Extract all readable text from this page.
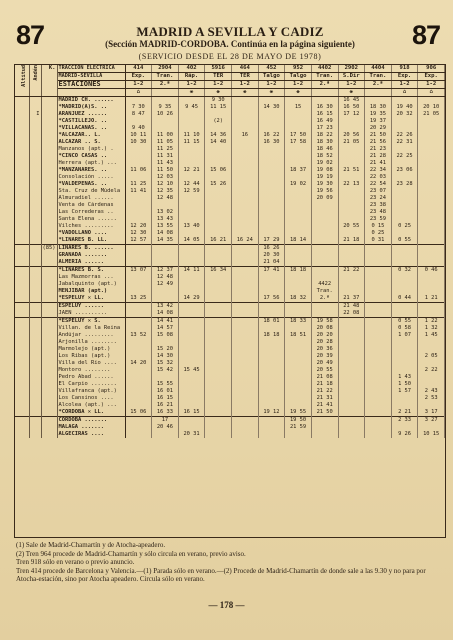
87	87
MADRID A SEVILLA Y CADIZ
(Sección MADRID-CORDOBA. Continúa en la página siguiente)
(SERVICIO DESDE EL 28 DE MAYO DE 1978)
Altitud	Andén	K.	TRACCION ELECTRICA	414	2904	402	5916	464	452	952	4402	2902	4404	918	906
			MADRID-SEVILLA	Exp.	Tran.	Ráp.	TER	TER	Talgo	Talgo	Tran.	S.Dir	Tran.	Exp.	Exp.
			ESTACIONES	1-2	2.ª	1-2	1-2	1-2	1-2	1-2	2.ª	1-2	2.ª	1-2	1-2
				⌂		⚹	⚹	⚹	⚹	⚹		⚹		⌂	⌂
			MADRID CH. ......				9 30					16 45			
			*MADRID(A)S. ..	7 30	9 35	9 45	11 15		14 30	15	16 30	16 50	18 30	19 40	20 10
	I		ARANJUEZ ......	8 47	10 26						16 15	17 12	19 35	20 32	21 05
			*CASTILLEJO. ..				(2)				16 49		19 37		
			*VILLACAÑAS. ..	9 40							17 23		20 29		
			*ALCAZAR.. L.	10 11	11 00	11 10	14 36	16	16 22	17 50	18 22	20 56	21 50	22 26	
			ALCAZAR .. S.	10 30	11 05	11 15	14 40		16 30	17 58	18 30	21 05	21 56	22 31	
			Manzanos (apt.) .		11 25						18 46		21 23		
			*CINCO CASAS ..		11 31						18 52		21 28	22 25	
			Herrera (apt.) ...		11 43						19 02		21 41		
			*MANZANARES. ..	11 06	11 50	12 21	15 06			18 37	19 08	21 51	22 34	23 06	
			Consolación .....		12 03						19 19		22 03		
			*VALDEPEÑAS. ..	11 25	12 10	12 44	15 26			19 02	19 30	22 13	22 54	23 28	
			Sta. Cruz de Múdela	11 41	12 35	12 59					19 56		23 07		
			Almuradiel ......		12 48						20 09		23 24		
			Venta de Cárdenas										23 38		
			Las Correderas ..		13 02								23 48		
			Santa Elena ......		13 43								23 59		
			Vilches .........	12 20	13 55	13 40						20 55	0 15	0 25	
			*VADOLLANO ....	12 30	14 08								0 25		
			*LINARES B. LL.	12 57	14 35	14 05	16 21	16 24	17 29	18 14		21 18	0 31	0 55	
		(85)	LINARES B. ......						16 26						
			GRANADA .......						20 30						
			ALMERIA ......						21 04						
			*LINARES B. S.	13 07	12 37	14 11	16 34		17 41	18 18		21 22		0 32	0 46
			Las Mazmorras ...		12 48										
			Jabalquinto (apt.)		12 49						4422				
			MENJIBAR (apt.)								Tran.				
			*ESPELUY ✕ LL.	13 25		14 29			17 56	18 32	2.ª	21 37		0 44	1 21
			ESPELUY ......		13 42							21 48			
			JAÉN ..........		14 08							22 08			
			*ESPELUY ✕ S.		14 41				18 01	18 33	19 58			0 55	1 22
			Villan. de la Reina		14 57						20 08			0 58	1 32
			Andújar .........	13 52	15 08				18 18	18 51	20 20			1 07	1 45
			Arjonilla ........								20 28				
			Marmolejo (apt.)		15 20						20 36				
			Los Ribas (apt.)		14 30						20 39				2 05
			Villa del Río ....	14 20	15 32						20 49				
			Montoro ........		15 42	15 45					20 55				2 22
			Pedro Abad ......								21 08			1 43	
			El Carpio ........		15 55						21 18			1 50	
			Villafranca (apt.)		16 01						21 22			1 57	2 43
			Los Cansinos ....		16 15						21 31				2 53
			Alcolea (apt.) ...		16 21						21 41				
			*CORDOBA ✕ LL.	15 06	16 33	16 15			19 12	19 55	21 50			2 21	3 17
			CORDOBA .......		17					19 50				2 33	3 27
			MALAGA .......		20 46					21 59					
			ALGECIRAS ....			20 31								9 26	10 15

(1) Sale de Madrid-Chamartín y de Atocha-apeadero.

(2) Tren 964 procede de Madrid-Chamartín y sólo circula en verano, previo aviso.

Tren 918 sólo en verano o previo anuncio.

Tren 414 procede de Barcelona y Valencia.—(1) Parada sólo en verano.—(2) Procede de Madrid-Chamartín de donde sale a las 9.30 y no para por Atocha-estación, sino por Atocha apeadero. Circula sólo en verano.

— 178 —
